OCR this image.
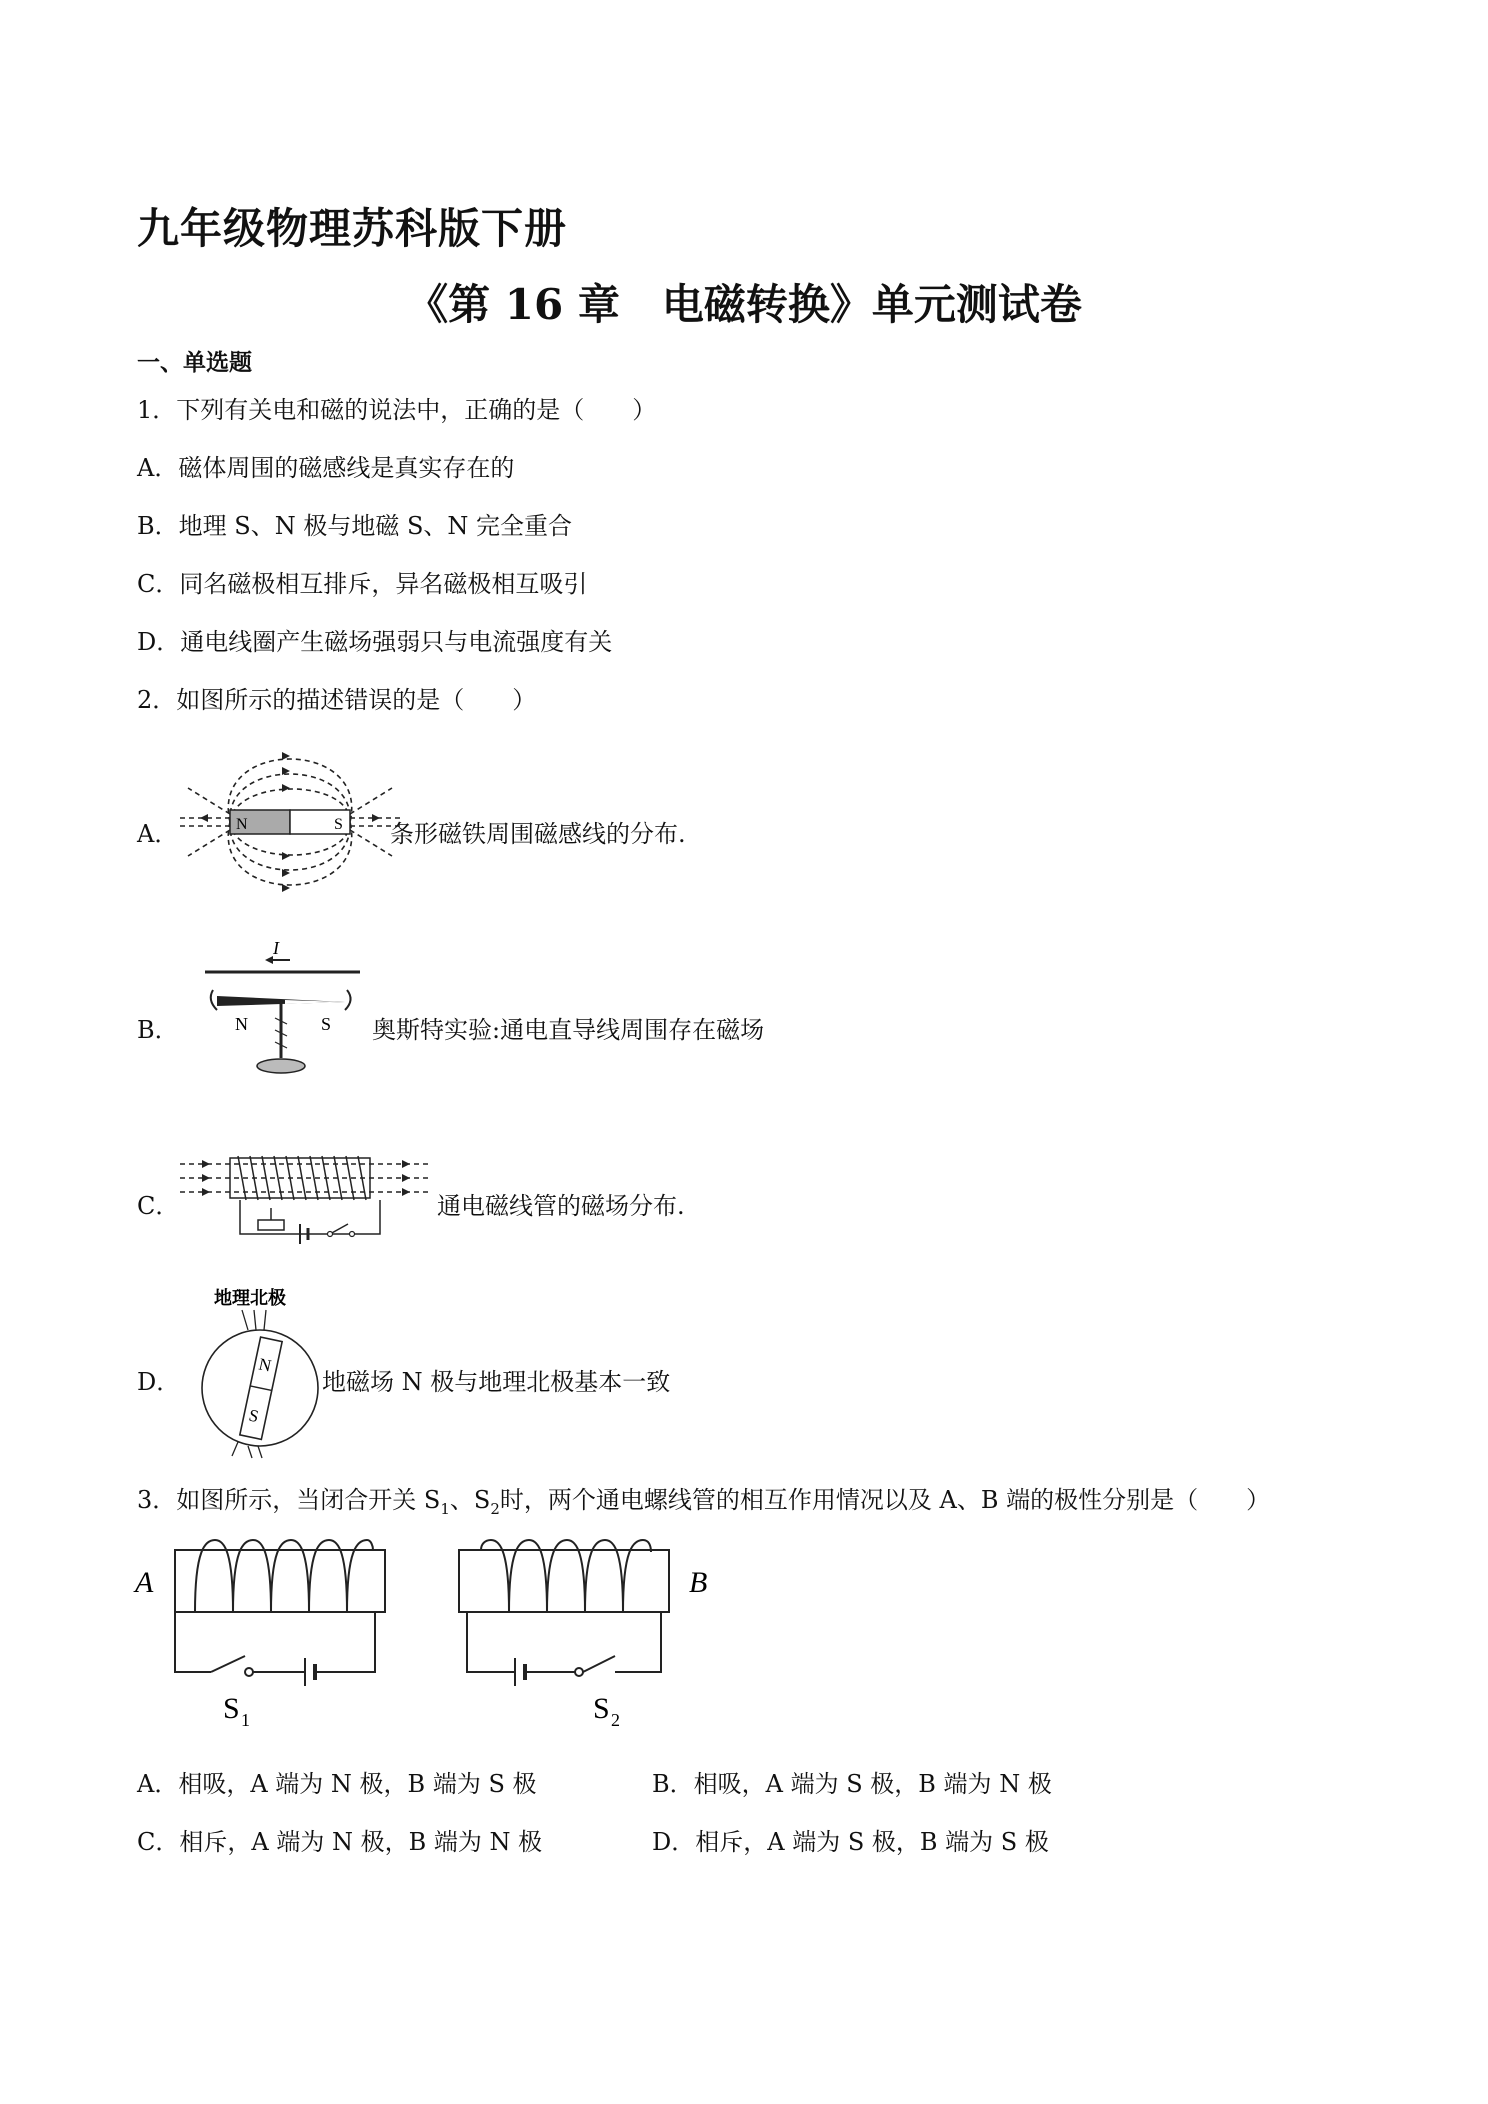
九年级物理苏科版下册
《第 16 章　电磁转换》单元测试卷
一、单选题
1．下列有关电和磁的说法中，正确的是（　　）
A．磁体周围的磁感线是真实存在的
B．地理 S、N 极与地磁 S、N 完全重合
C．同名磁极相互排斥，异名磁极相互吸引
D．通电线圈产生磁场强弱只与电流强度有关
2．如图所示的描述错误的是（　　）
A．	N	S 条形磁铁周围磁感线的分布.
B．
I
N	S 奥斯特实验:通电直导线周围存在磁场
C．	通电磁线管的磁场分布.
D．
地理北极
N
S
地磁场 N 极与地理北极基本一致
3．如图所示，当闭合开关 $S_1$、$S_2$时，两个通电螺线管的相互作用情况以及 A、B 端的极性分别是（　　）
A
S 1
B
S 2
A．相吸，A 端为 N 极，B 端为 S 极	B．相吸，A 端为 S 极，B 端为 N 极
C．相斥，A 端为 N 极，B 端为 N 极	D．相斥，A 端为 S 极，B 端为 S 极
